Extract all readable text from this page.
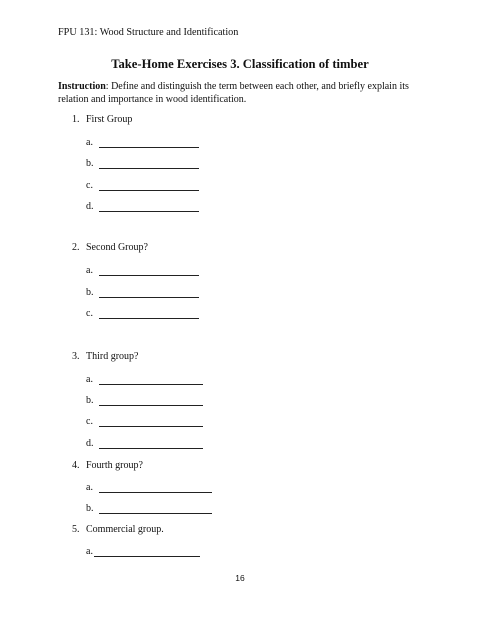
FPU 131: Wood Structure and Identification
Take-Home Exercises 3. Classification of timber
Instruction: Define and distinguish the term between each other, and briefly explain its relation and importance in wood identification.
1. First Group
a.
b.
c.
d.
2. Second Group?
a.
b.
c.
3. Third group?
a.
b.
c.
d.
4. Fourth group?
a.
b.
5. Commercial group.
a.
16
